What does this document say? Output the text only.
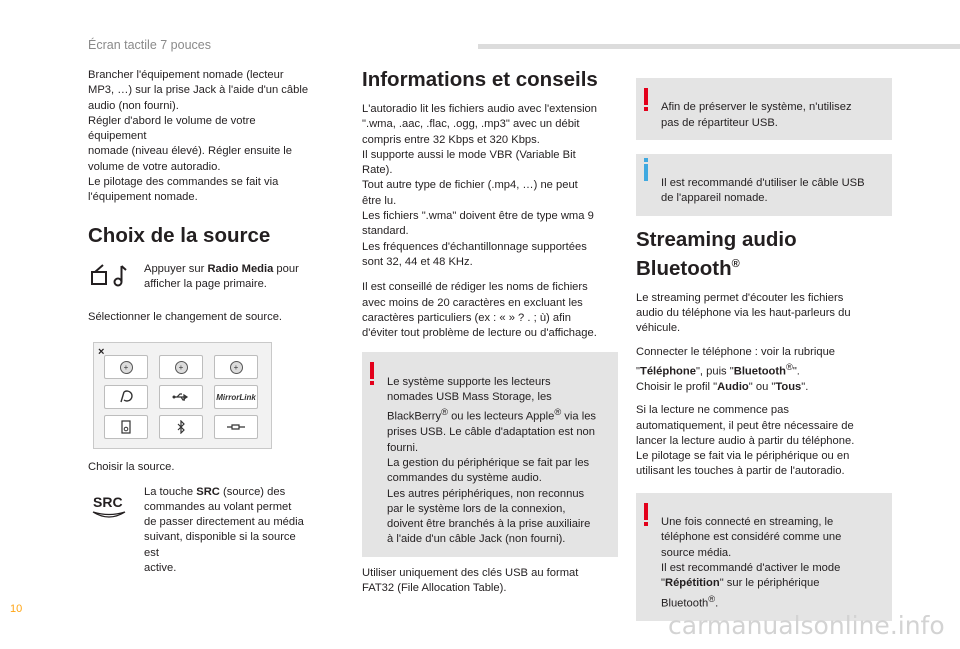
Écran tactile 7 pouces
Brancher l'équipement nomade (lecteur
MP3, …) sur la prise Jack à l'aide d'un câble
audio (non fourni).
Régler d'abord le volume de votre équipement
nomade (niveau élevé). Régler ensuite le
volume de votre autoradio.
Le pilotage des commandes se fait via
l'équipement nomade.
Choix de la source
Appuyer sur Radio Media pour
afficher la page primaire.
Sélectionner le changement de source.
×
+	+	+
MirrorLink
Choisir la source.
SRC
La touche SRC (source) des
commandes au volant permet
de passer directement au média
suivant, disponible si la source est
active.
Informations et conseils
L'autoradio lit les fichiers audio avec l'extension
".wma, .aac, .flac, .ogg, .mp3" avec un débit
compris entre 32 Kbps et 320 Kbps.
Il supporte aussi le mode VBR (Variable Bit
Rate).
Tout autre type de fichier (.mp4, …) ne peut
être lu.
Les fichiers ".wma" doivent être de type wma 9
standard.
Les fréquences d'échantillonnage supportées
sont 32, 44 et 48 KHz.
Il est conseillé de rédiger les noms de fichiers
avec moins de 20 caractères en excluant les
caractères particuliers (ex : « » ? . ; ù) afin
d'éviter tout problème de lecture ou d'affichage.

Le système supporte les lecteurs
nomades USB Mass Storage, les
BlackBerry® ou les lecteurs Apple® via les
prises USB. Le câble d'adaptation est non
fourni.
La gestion du périphérique se fait par les
commandes du système audio.
Les autres périphériques, non reconnus
par le système lors de la connexion,
doivent être branchés à la prise auxiliaire
à l'aide d'un câble Jack (non fourni).

Utiliser uniquement des clés USB au format
FAT32 (File Allocation Table).

Afin de préserver le système, n'utilisez
pas de répartiteur USB.

Il est recommandé d'utiliser le câble USB
de l'appareil nomade.

Streaming audio Bluetooth®
Le streaming permet d'écouter les fichiers
audio du téléphone via les haut-parleurs du
véhicule.
Connecter le téléphone : voir la rubrique
"Téléphone", puis "Bluetooth®".
Choisir le profil "Audio" ou "Tous".
Si la lecture ne commence pas
automatiquement, il peut être nécessaire de
lancer la lecture audio à partir du téléphone.
Le pilotage se fait via le périphérique ou en
utilisant les touches à partir de l'autoradio.

Une fois connecté en streaming, le
téléphone est considéré comme une
source média.
Il est recommandé d'activer le mode
"Répétition" sur le périphérique
Bluetooth®.

10
carmanualsonline.info
